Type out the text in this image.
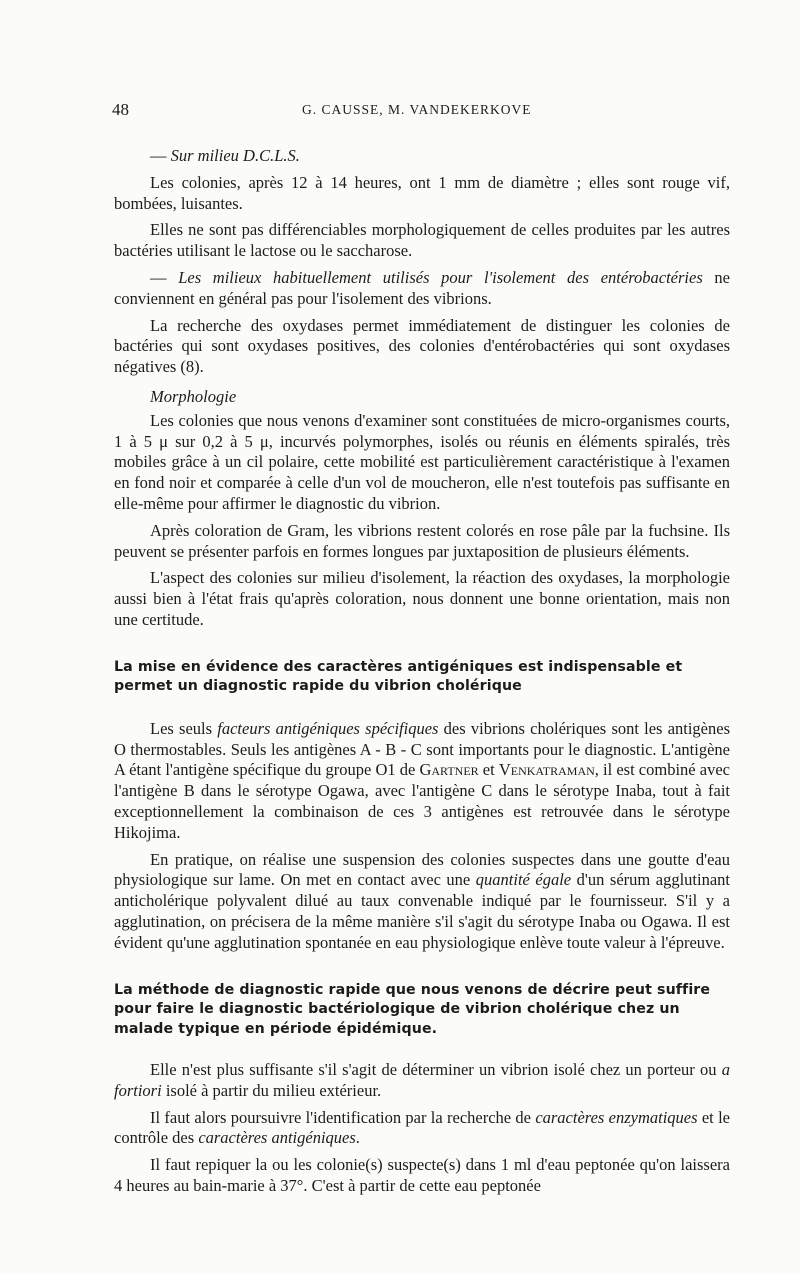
48	G. CAUSSE, M. VANDEKERKOVE

— Sur milieu D.C.L.S.

Les colonies, après 12 à 14 heures, ont 1 mm de diamètre ; elles sont rouge vif, bombées, luisantes.

Elles ne sont pas différenciables morphologiquement de celles produites par les autres bactéries utilisant le lactose ou le saccharose.

— Les milieux habituellement utilisés pour l'isolement des entérobactéries ne conviennent en général pas pour l'isolement des vibrions.

La recherche des oxydases permet immédiatement de distinguer les colonies de bactéries qui sont oxydases positives, des colonies d'entérobactéries qui sont oxydases négatives (8).

Morphologie

Les colonies que nous venons d'examiner sont constituées de micro-organismes courts, 1 à 5 μ sur 0,2 à 5 μ, incurvés polymorphes, isolés ou réunis en éléments spiralés, très mobiles grâce à un cil polaire, cette mobilité est particulièrement caractéristique à l'examen en fond noir et comparée à celle d'un vol de moucheron, elle n'est toutefois pas suffisante en elle-même pour affirmer le diagnostic du vibrion.

Après coloration de Gram, les vibrions restent colorés en rose pâle par la fuchsine. Ils peuvent se présenter parfois en formes longues par juxtaposition de plusieurs éléments.

L'aspect des colonies sur milieu d'isolement, la réaction des oxydases, la morphologie aussi bien à l'état frais qu'après coloration, nous donnent une bonne orientation, mais non une certitude.

La mise en évidence des caractères antigéniques est indispensable et permet un diagnostic rapide du vibrion cholérique

Les seuls facteurs antigéniques spécifiques des vibrions cholériques sont les antigènes O thermostables. Seuls les antigènes A - B - C sont importants pour le diagnostic. L'antigène A étant l'antigène spécifique du groupe O1 de Gartner et Venkatraman, il est combiné avec l'antigène B dans le sérotype Ogawa, avec l'antigène C dans le sérotype Inaba, tout à fait exceptionnellement la combinaison de ces 3 antigènes est retrouvée dans le sérotype Hikojima.

En pratique, on réalise une suspension des colonies suspectes dans une goutte d'eau physiologique sur lame. On met en contact avec une quantité égale d'un sérum agglutinant anticholérique polyvalent dilué au taux convenable indiqué par le fournisseur. S'il y a agglutination, on précisera de la même manière s'il s'agit du sérotype Inaba ou Ogawa. Il est évident qu'une agglutination spontanée en eau physiologique enlève toute valeur à l'épreuve.

La méthode de diagnostic rapide que nous venons de décrire peut suffire pour faire le diagnostic bactériologique de vibrion cholérique chez un malade typique en période épidémique.

Elle n'est plus suffisante s'il s'agit de déterminer un vibrion isolé chez un porteur ou a fortiori isolé à partir du milieu extérieur.

Il faut alors poursuivre l'identification par la recherche de caractères enzymatiques et le contrôle des caractères antigéniques.

Il faut repiquer la ou les colonie(s) suspecte(s) dans 1 ml d'eau peptonée qu'on laissera 4 heures au bain-marie à 37°. C'est à partir de cette eau peptonée
